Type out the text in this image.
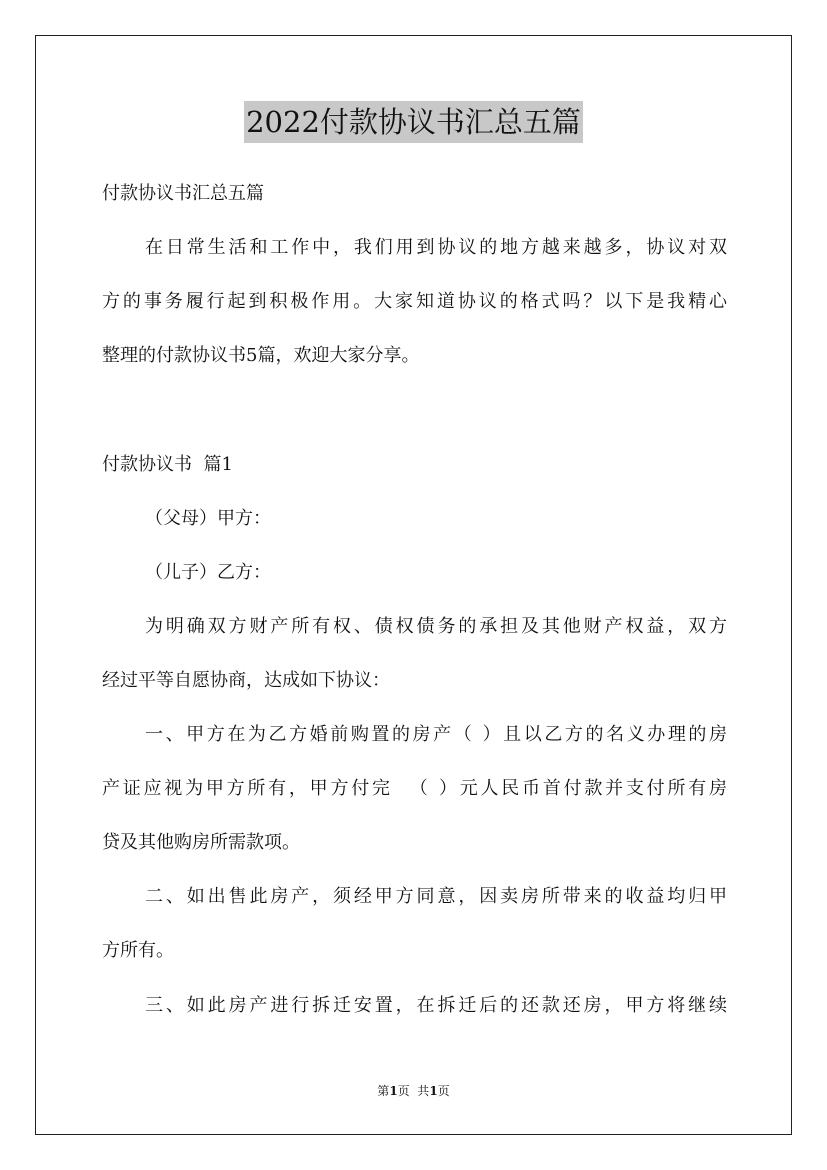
2022付款协议书汇总五篇
付款协议书汇总五篇
在日常生活和工作中，我们用到协议的地方越来越多，协议对双
方的事务履行起到积极作用。大家知道协议的格式吗？以下是我精心
整理的付款协议书5篇，欢迎大家分享。
付款协议书  篇1
（父母）甲方：
（儿子）乙方：
为明确双方财产所有权、债权债务的承担及其他财产权益，双方
经过平等自愿协商，达成如下协议：
一、甲方在为乙方婚前购置的房产（ ）且以乙方的名义办理的房
产证应视为甲方所有，甲方付完  （ ）元人民币首付款并支付所有房
贷及其他购房所需款项。
二、如出售此房产，须经甲方同意，因卖房所带来的收益均归甲
方所有。
三、如此房产进行拆迁安置，在拆迁后的还款还房，甲方将继续
第1页  共1页
